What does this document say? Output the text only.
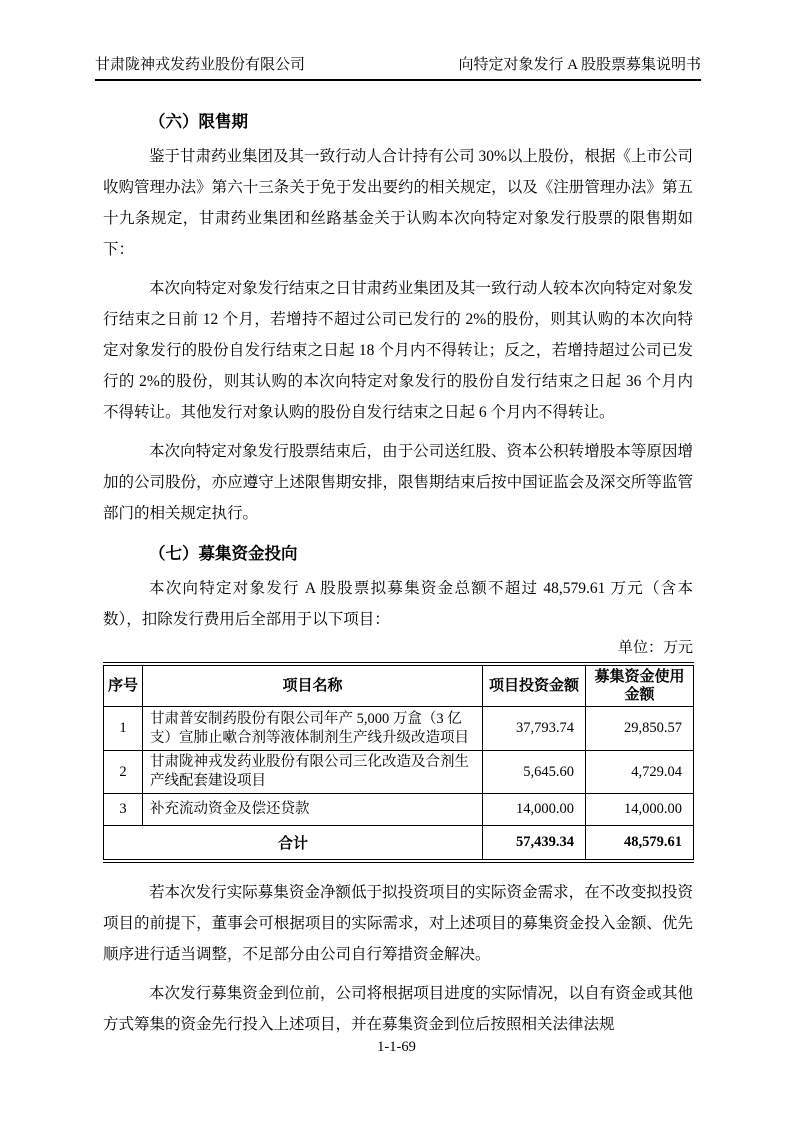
甘肃陇神戎发药业股份有限公司	向特定对象发行 A 股股票募集说明书
（六）限售期

鉴于甘肃药业集团及其一致行动人合计持有公司 30%以上股份，根据《上市公司收购管理办法》第六十三条关于免于发出要约的相关规定，以及《注册管理办法》第五十九条规定，甘肃药业集团和丝路基金关于认购本次向特定对象发行股票的限售期如下：

本次向特定对象发行结束之日甘肃药业集团及其一致行动人较本次向特定对象发行结束之日前 12 个月，若增持不超过公司已发行的 2%的股份，则其认购的本次向特定对象发行的股份自发行结束之日起 18 个月内不得转让；反之，若增持超过公司已发行的 2%的股份，则其认购的本次向特定对象发行的股份自发行结束之日起 36 个月内不得转让。其他发行对象认购的股份自发行结束之日起 6 个月内不得转让。

本次向特定对象发行股票结束后，由于公司送红股、资本公积转增股本等原因增加的公司股份，亦应遵守上述限售期安排，限售期结束后按中国证监会及深交所等监管部门的相关规定执行。

（七）募集资金投向

本次向特定对象发行 A 股股票拟募集资金总额不超过 48,579.61 万元（含本数），扣除发行费用后全部用于以下项目：

单位：万元
序号	项目名称	项目投资金额	募集资金使用金额
1	甘肃普安制药股份有限公司年产 5,000 万盒（3 亿支）宣肺止嗽合剂等液体制剂生产线升级改造项目	37,793.74	29,850.57
2	甘肃陇神戎发药业股份有限公司三化改造及合剂生产线配套建设项目	5,645.60	4,729.04
3	补充流动资金及偿还贷款	14,000.00	14,000.00
合计		57,439.34	48,579.61

若本次发行实际募集资金净额低于拟投资项目的实际资金需求，在不改变拟投资项目的前提下，董事会可根据项目的实际需求，对上述项目的募集资金投入金额、优先顺序进行适当调整，不足部分由公司自行筹措资金解决。

本次发行募集资金到位前，公司将根据项目进度的实际情况，以自有资金或其他方式筹集的资金先行投入上述项目，并在募集资金到位后按照相关法律法规

1-1-69
